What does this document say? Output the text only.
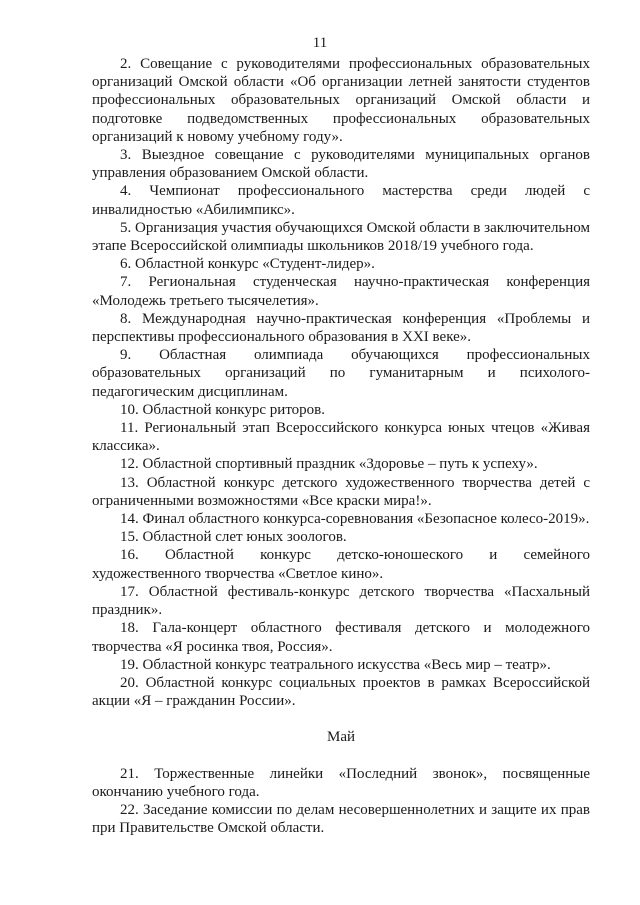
11

2. Совещание с руководителями профессиональных образовательных организаций Омской области «Об организации летней занятости студентов профессиональных образовательных организаций Омской области и подготовке подведомственных профессиональных образовательных организаций к новому учебному году».

3. Выездное совещание с руководителями муниципальных органов управления образованием Омской области.

4. Чемпионат профессионального мастерства среди людей с инвалидностью «Абилимпикс».

5. Организация участия обучающихся Омской области в заключительном этапе Всероссийской олимпиады школьников 2018/19 учебного года.

6. Областной конкурс «Студент-лидер».

7. Региональная студенческая научно-практическая конференция «Молодежь третьего тысячелетия».

8. Международная научно-практическая конференция «Проблемы и перспективы профессионального образования в XXI веке».

9. Областная олимпиада обучающихся профессиональных образовательных организаций по гуманитарным и психолого-педагогическим дисциплинам.

10. Областной конкурс риторов.

11. Региональный этап Всероссийского конкурса юных чтецов «Живая классика».

12. Областной спортивный праздник «Здоровье – путь к успеху».

13. Областной конкурс детского художественного творчества детей с ограниченными возможностями «Все краски мира!».

14. Финал областного конкурса-соревнования «Безопасное колесо-2019».

15. Областной слет юных зоологов.

16. Областной конкурс детско-юношеского и семейного художественного творчества «Светлое кино».

17. Областной фестиваль-конкурс детского творчества «Пасхальный праздник».

18. Гала-концерт областного фестиваля детского и молодежного творчества «Я росинка твоя, Россия».

19. Областной конкурс театрального искусства «Весь мир – театр».

20. Областной конкурс социальных проектов в рамках Всероссийской акции «Я – гражданин России».

Май

21. Торжественные линейки «Последний звонок», посвященные окончанию учебного года.

22. Заседание комиссии по делам несовершеннолетних и защите их прав при Правительстве Омской области.
